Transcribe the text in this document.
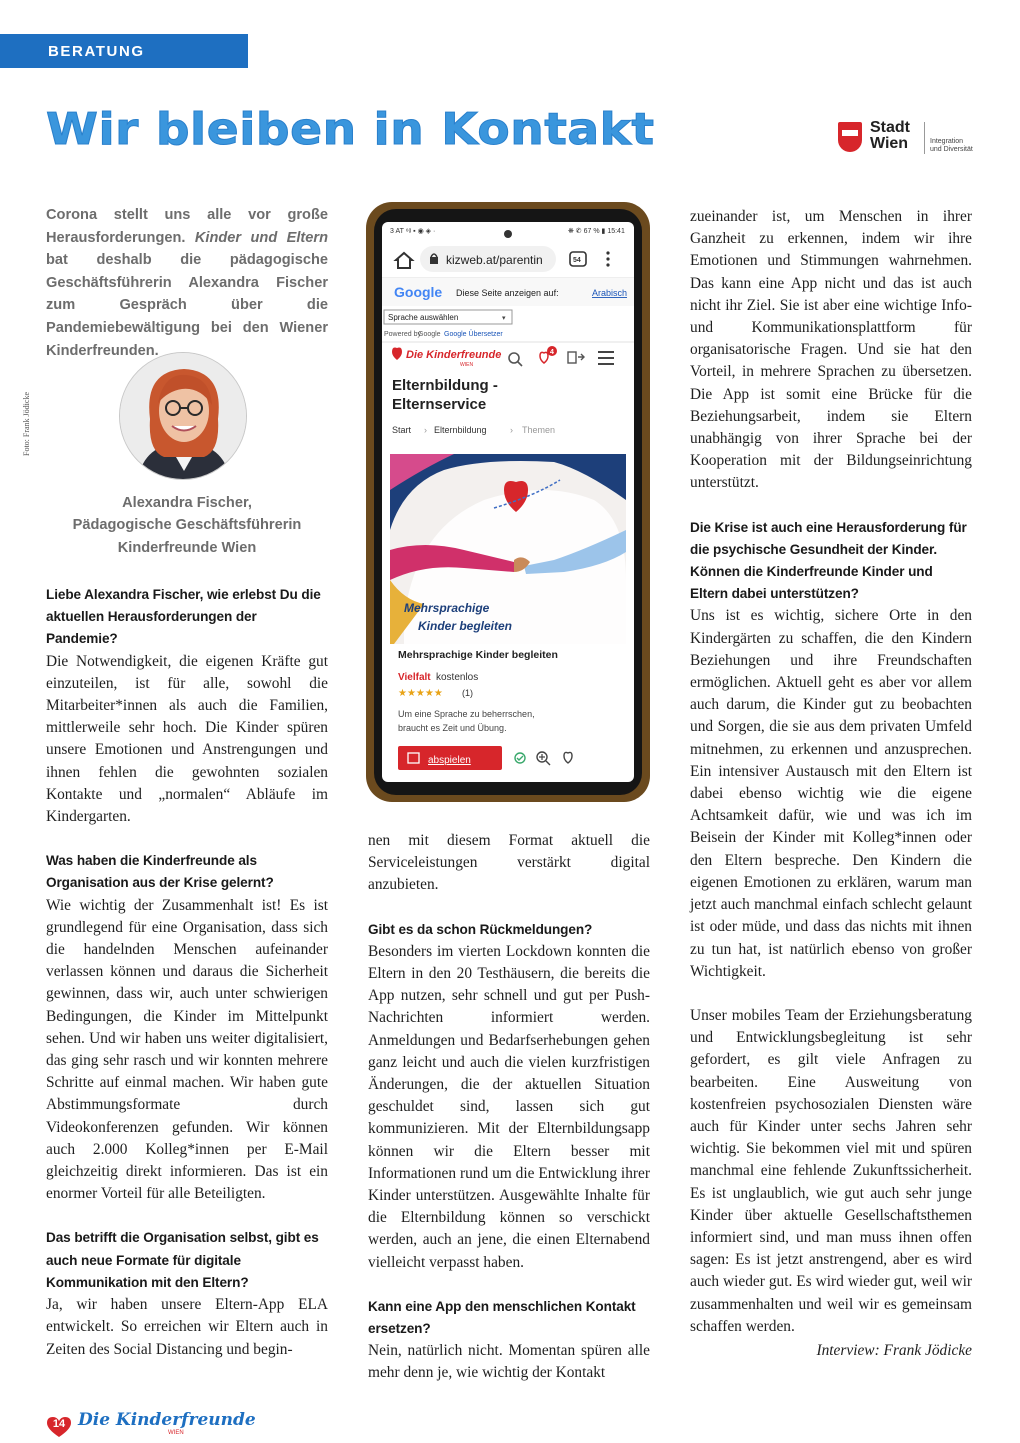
BERATUNG
Wir bleiben in Kontakt	Stadt
Wien	Integration
und Diversität
Corona stellt uns alle vor große Herausforderungen. Kinder und Eltern bat deshalb die pädagogische Geschäftsführerin Alexandra Fischer zum Gespräch über die Pandemiebewältigung bei den Wiener Kinderfreunden.
Foto: Frank Jödicke
Alexandra Fischer,
Pädagogische Geschäftsführerin
Kinderfreunde Wien

Liebe Alexandra Fischer, wie erlebst Du die aktuellen Herausforderungen der Pandemie?

Die Notwendigkeit, die eigenen Kräfte gut einzuteilen, ist für alle, sowohl die Mitarbeiter*innen als auch die Familien, mittlerweile sehr hoch. Die Kinder spüren unsere Emotionen und Anstrengungen und ihnen fehlen die gewohnten sozialen Kontakte und „normalen“ Abläufe im Kindergarten.

Was haben die Kinderfreunde als Organisation aus der Krise gelernt?

Wie wichtig der Zusammenhalt ist! Es ist grundlegend für eine Organisation, dass sich die handelnden Menschen aufeinander verlassen können und daraus die Sicherheit gewinnen, dass wir, auch unter schwierigen Bedingungen, die Kinder im Mittelpunkt sehen. Und wir haben uns weiter digitalisiert, das ging sehr rasch und wir konnten mehrere Schritte auf einmal machen. Wir haben gute Abstimmungsformate durch Videokonferenzen gefunden. Wir können auch 2.000 Kolleg*innen per E-Mail gleichzeitig direkt informieren. Das ist ein enormer Vorteil für alle Beteiligten.

Das betrifft die Organisation selbst, gibt es auch neue Formate für digitale Kommunikation mit den Eltern?

Ja, wir haben unsere Eltern-App ELA entwickelt. So erreichen wir Eltern auch in Zeiten des Social Distancing und begin-

3 AT ⁶ᵍ ▪ ◉ ◈ ·	❋ ✆ 67 % ▮ 15:41
kizweb.at/parentin	54
Google Diese Seite anzeigen auf:	Arabisch
Sprache auswählen	▾
Powered by
Google Google Übersetzer
Die Kinderfreunde
WIEN
4
Elternbildung -
Elternservice
Start › Elternbildung	› Themen
Mehrsprachige
Kinder begleiten
Mehrsprachige Kinder begleiten
Vielfalt kostenlos
★★★★★ (1)
Um eine Sprache zu beherrschen,
braucht es Zeit und Übung.
abspielen

nen mit diesem Format aktuell die Serviceleistungen verstärkt digital anzubieten.

Gibt es da schon Rückmeldungen?

Besonders im vierten Lockdown konnten die Eltern in den 20 Testhäusern, die bereits die App nutzen, sehr schnell und gut per Push-Nachrichten informiert werden. Anmeldungen und Bedarfserhebungen gehen ganz leicht und auch die vielen kurzfristigen Änderungen, die der aktuellen Situation geschuldet sind, lassen sich gut kommunizieren. Mit der Elternbildungsapp können wir die Eltern besser mit Informationen rund um die Entwicklung ihrer Kinder unterstützen. Ausgewählte Inhalte für die Elternbildung können so verschickt werden, auch an jene, die einen Elternabend vielleicht verpasst haben.

Kann eine App den menschlichen Kontakt ersetzen?

Nein, natürlich nicht. Momentan spüren alle mehr denn je, wie wichtig der Kontakt

zueinander ist, um Menschen in ihrer Ganzheit zu erkennen, indem wir ihre Emotionen und Stimmungen wahrnehmen. Das kann eine App nicht und das ist auch nicht ihr Ziel. Sie ist aber eine wichtige Info- und Kommunikationsplattform für organisatorische Fragen. Und sie hat den Vorteil, in mehrere Sprachen zu übersetzen. Die App ist somit eine Brücke für die Beziehungsarbeit, indem sie Eltern unabhängig von ihrer Sprache bei der Kooperation mit der Bildungseinrichtung unterstützt.

Die Krise ist auch eine Herausforderung für die psychische Gesundheit der Kinder. Können die Kinderfreunde Kinder und Eltern dabei unterstützen?

Uns ist es wichtig, sichere Orte in den Kindergärten zu schaffen, die den Kindern Beziehungen und ihre Freundschaften ermöglichen. Aktuell geht es aber vor allem auch darum, die Kinder gut zu beobachten und Sorgen, die sie aus dem privaten Umfeld mitnehmen, zu erkennen und anzusprechen. Ein intensiver Austausch mit den Eltern ist dabei ebenso wichtig wie die eigene Achtsamkeit dafür, wie und was ich im Beisein der Kinder mit Kolleg*innen oder den Eltern bespreche. Den Kindern die eigenen Emotionen zu erklären, warum man jetzt auch manchmal einfach schlecht gelaunt ist oder müde, und dass das nichts mit ihnen zu tun hat, ist natürlich ebenso von großer Wichtigkeit.

Unser mobiles Team der Erziehungsberatung und Entwicklungsbegleitung ist sehr gefordert, es gilt viele Anfragen zu bearbeiten. Eine Ausweitung von kostenfreien psychosozialen Diensten wäre auch für Kinder unter sechs Jahren sehr wichtig. Sie bekommen viel mit und spüren manchmal eine fehlende Zukunftssicherheit. Es ist unglaublich, wie gut auch sehr junge Kinder über aktuelle Gesellschaftsthemen informiert sind, und man muss ihnen offen sagen: Es ist jetzt anstrengend, aber es wird auch wieder gut. Es wird wieder gut, weil wir zusammenhalten und weil wir es gemeinsam schaffen werden.

Interview: Frank Jödicke
14 Die Kinderfreunde
WIEN
